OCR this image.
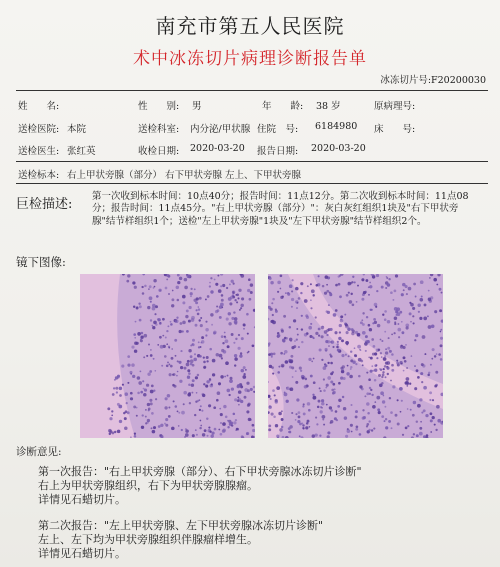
南充市第五人民医院
术中冰冻切片病理诊断报告单
冰冻切片号:F20200030
姓　　名:	性　　别: 男	年　　龄: 38 岁	原病理号:
送检医院: 本院	送检科室: 内分泌/甲状腺 住院　号: 6184980 床　　号:
送检医生: 张红英	收检日期: 2020-03-20 报告日期: 2020-03-20
送检标本: 右上甲状旁腺（部分） 右下甲状旁腺 左上、下甲状旁腺
巨检描述:
第一次收到标本时间：10点40分；报告时间：11点12分。第二次收到标本时间：11点08分；报告时间：11点45分。"右上甲状旁腺（部分）"：灰白灰红组织1块及"右下甲状旁腺"结节样组织1个；送检"左上甲状旁腺"1块及"左下甲状旁腺"结节样组织2个。
镜下图像:
诊断意见:
第一次报告："右上甲状旁腺（部分）、右下甲状旁腺冰冻切片诊断"
右上为甲状旁腺组织，右下为甲状旁腺腺瘤。
详情见石蜡切片。
第二次报告："左上甲状旁腺、左下甲状旁腺冰冻切片诊断"
左上、左下均为甲状旁腺组织伴腺瘤样增生。
详情见石蜡切片。
